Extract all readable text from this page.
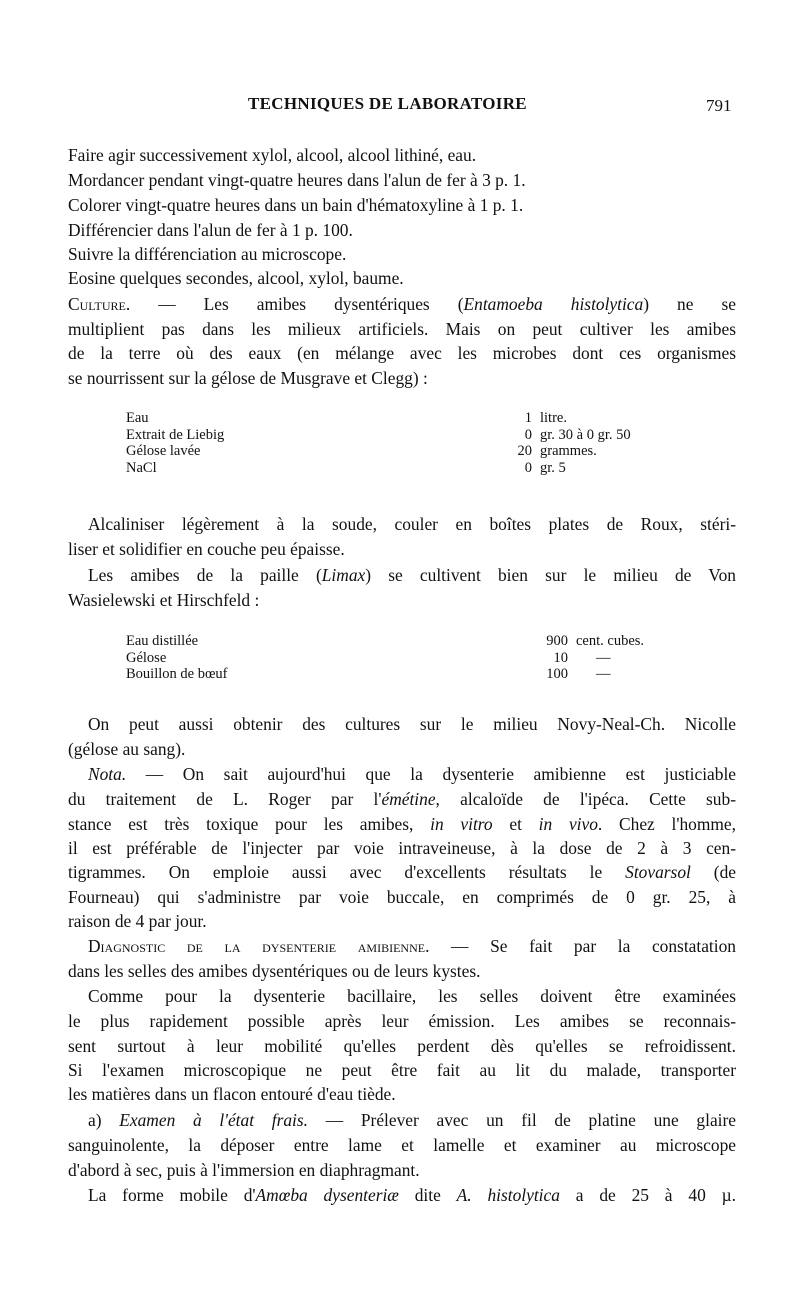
TECHNIQUES DE LABORATOIRE	791
Faire agir successivement xylol, alcool, alcool lithiné, eau.
Mordancer pendant vingt-quatre heures dans l'alun de fer à 3 p. 1.
Colorer vingt-quatre heures dans un bain d'hématoxyline à 1 p. 1.
Différencier dans l'alun de fer à 1 p. 100.
Suivre la différenciation au microscope.
Eosine quelques secondes, alcool, xylol, baume.
Culture. — Les amibes dysentériques (Entamoeba histolytica) ne se
multiplient pas dans les milieux artificiels. Mais on peut cultiver les amibes
de la terre où des eaux (en mélange avec les microbes dont ces organismes
se nourrissent sur la gélose de Musgrave et Clegg) :
Eau	1 litre.
Extrait de Liebig	0 gr. 30 à 0 gr. 50
Gélose lavée	20 grammes.
NaCl	0 gr. 5
Alcaliniser légèrement à la soude, couler en boîtes plates de Roux, stéri-
liser et solidifier en couche peu épaisse.
Les amibes de la paille (Limax) se cultivent bien sur le milieu de Von
Wasielewski et Hirschfeld :
Eau distillée	900 cent. cubes.
Gélose	10 —
Bouillon de bœuf	100 —
On peut aussi obtenir des cultures sur le milieu Novy-Neal-Ch. Nicolle
(gélose au sang).
Nota. — On sait aujourd'hui que la dysenterie amibienne est justiciable
du traitement de L. Roger par l'émétine, alcaloïde de l'ipéca. Cette sub-
stance est très toxique pour les amibes, in vitro et in vivo. Chez l'homme,
il est préférable de l'injecter par voie intraveineuse, à la dose de 2 à 3 cen-
tigrammes. On emploie aussi avec d'excellents résultats le Stovarsol (de
Fourneau) qui s'administre par voie buccale, en comprimés de 0 gr. 25, à
raison de 4 par jour.
Diagnostic de la dysenterie amibienne. — Se fait par la constatation
dans les selles des amibes dysentériques ou de leurs kystes.
Comme pour la dysenterie bacillaire, les selles doivent être examinées
le plus rapidement possible après leur émission. Les amibes se reconnais-
sent surtout à leur mobilité qu'elles perdent dès qu'elles se refroidissent.
Si l'examen microscopique ne peut être fait au lit du malade, transporter
les matières dans un flacon entouré d'eau tiède.
a) Examen à l'état frais. — Prélever avec un fil de platine une glaire
sanguinolente, la déposer entre lame et lamelle et examiner au microscope
d'abord à sec, puis à l'immersion en diaphragmant.
La forme mobile d'Amœba dysenteriæ dite A. histolytica a de 25 à 40 µ.
